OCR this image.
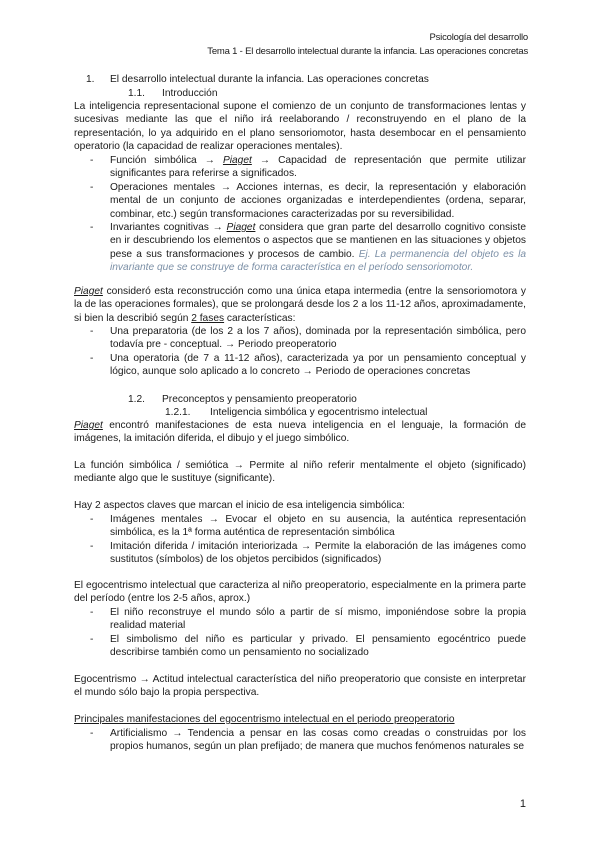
Psicología del desarrollo
Tema 1 - El desarrollo intelectual durante la infancia. Las operaciones concretas
1. El desarrollo intelectual durante la infancia. Las operaciones concretas
1.1. Introducción
La inteligencia representacional supone el comienzo de un conjunto de transformaciones lentas y sucesivas mediante las que el niño irá reelaborando / reconstruyendo en el plano de la representación, lo ya adquirido en el plano sensoriomotor, hasta desembocar en el pensamiento operatorio (la capacidad de realizar operaciones mentales).
- Función simbólica → Piaget → Capacidad de representación que permite utilizar significantes para referirse a significados.
- Operaciones mentales → Acciones internas, es decir, la representación y elaboración mental de un conjunto de acciones organizadas e interdependientes (ordena, separar, combinar, etc.) según transformaciones caracterizadas por su reversibilidad.
- Invariantes cognitivas → Piaget considera que gran parte del desarrollo cognitivo consiste en ir descubriendo los elementos o aspectos que se mantienen en las situaciones y objetos pese a sus transformaciones y procesos de cambio. Ej. La permanencia del objeto es la invariante que se construye de forma característica en el período sensoriomotor.
Piaget consideró esta reconstrucción como una única etapa intermedia (entre la sensoriomotora y la de las operaciones formales), que se prolongará desde los 2 a los 11-12 años, aproximadamente, si bien la describió según 2 fases características:
- Una preparatoria (de los 2 a los 7 años), dominada por la representación simbólica, pero todavía pre - conceptual. → Periodo preoperatorio
- Una operatoria (de 7 a 11-12 años), caracterizada ya por un pensamiento conceptual y lógico, aunque solo aplicado a lo concreto → Periodo de operaciones concretas
1.2. Preconceptos y pensamiento preoperatorio
1.2.1. Inteligencia simbólica y egocentrismo intelectual
Piaget encontró manifestaciones de esta nueva inteligencia en el lenguaje, la formación de imágenes, la imitación diferida, el dibujo y el juego simbólico.
La función simbólica / semiótica → Permite al niño referir mentalmente el objeto (significado) mediante algo que le sustituye (significante).
Hay 2 aspectos claves que marcan el inicio de esa inteligencia simbólica:
- Imágenes mentales → Evocar el objeto en su ausencia, la auténtica representación simbólica, es la 1ª forma auténtica de representación simbólica
- Imitación diferida / imitación interiorizada → Permite la elaboración de las imágenes como sustitutos (símbolos) de los objetos percibidos (significados)
El egocentrismo intelectual que caracteriza al niño preoperatorio, especialmente en la primera parte del período (entre los 2-5 años, aprox.)
- El niño reconstruye el mundo sólo a partir de sí mismo, imponiéndose sobre la propia realidad material
- El simbolismo del niño es particular y privado. El pensamiento egocéntrico puede describirse también como un pensamiento no socializado
Egocentrismo → Actitud intelectual característica del niño preoperatorio que consiste en interpretar el mundo sólo bajo la propia perspectiva.
Principales manifestaciones del egocentrismo intelectual en el periodo preoperatorio
- Artificialismo → Tendencia a pensar en las cosas como creadas o construidas por los propios humanos, según un plan prefijado; de manera que muchos fenómenos naturales se
1
